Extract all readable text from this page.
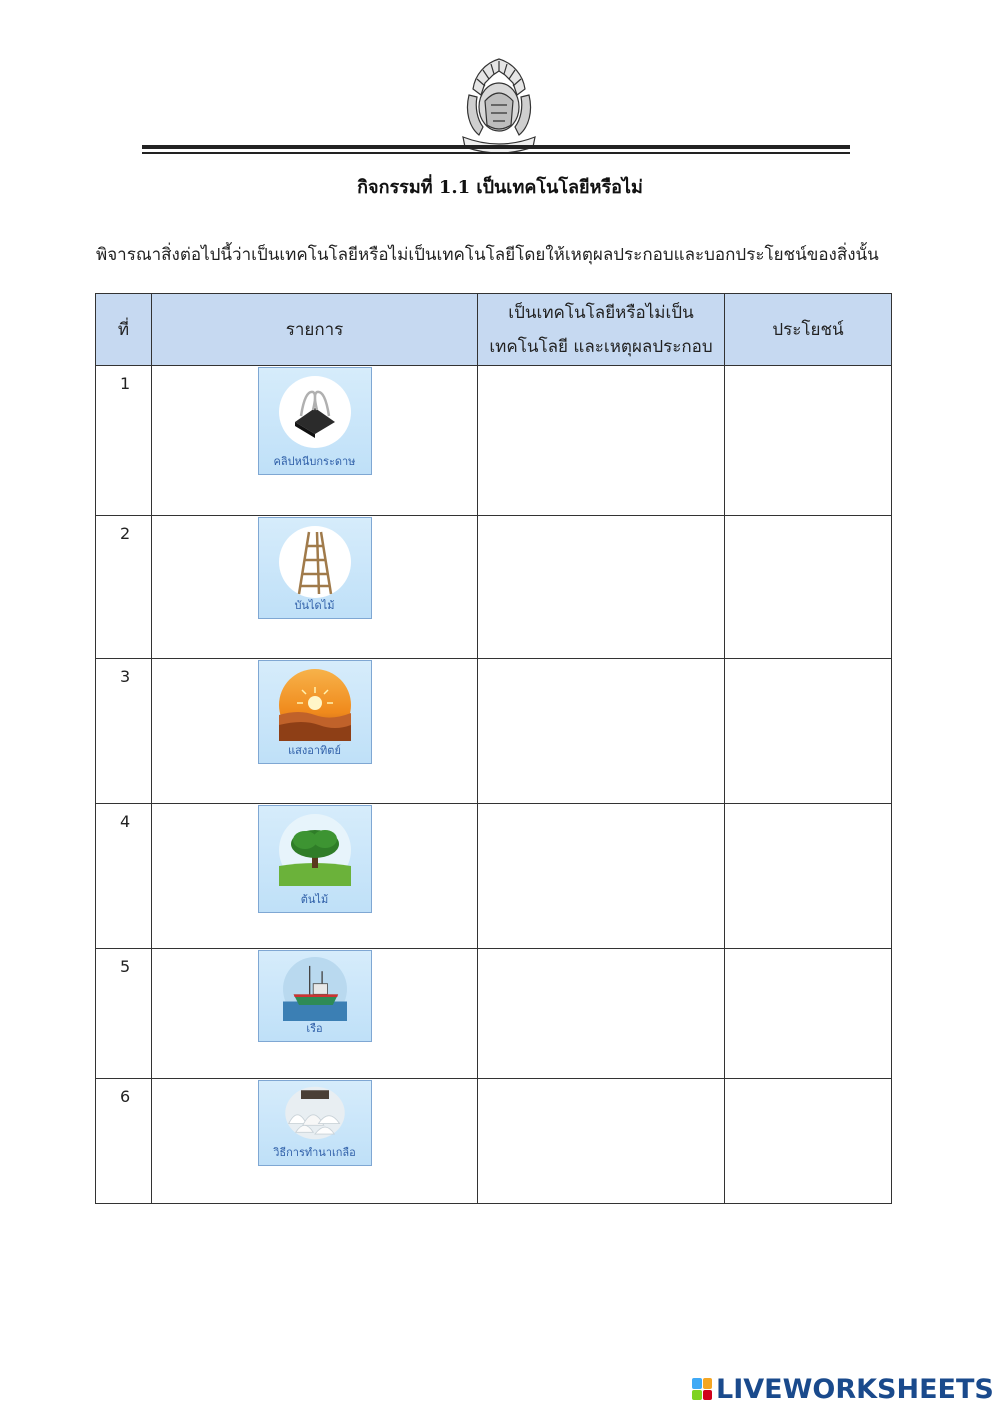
กิจกรรมที่ 1.1 เป็นเทคโนโลยีหรือไม่
พิจารณาสิ่งต่อไปนี้ว่าเป็นเทคโนโลยีหรือไม่เป็นเทคโนโลยีโดยให้เหตุผลประกอบและบอกประโยชน์ของสิ่งนั้น
ที่	รายการ	เป็นเทคโนโลยีหรือไม่เป็น
เทคโนโลยี และเหตุผลประกอบ	ประโยชน์
1	คลิปหนีบกระดาษ		

2	บันไดไม้		

3	แสงอาทิตย์		

4	ต้นไม้		

5	เรือ		

6	วิธีการทำนาเกลือ		

LIVEWORKSHEETS
